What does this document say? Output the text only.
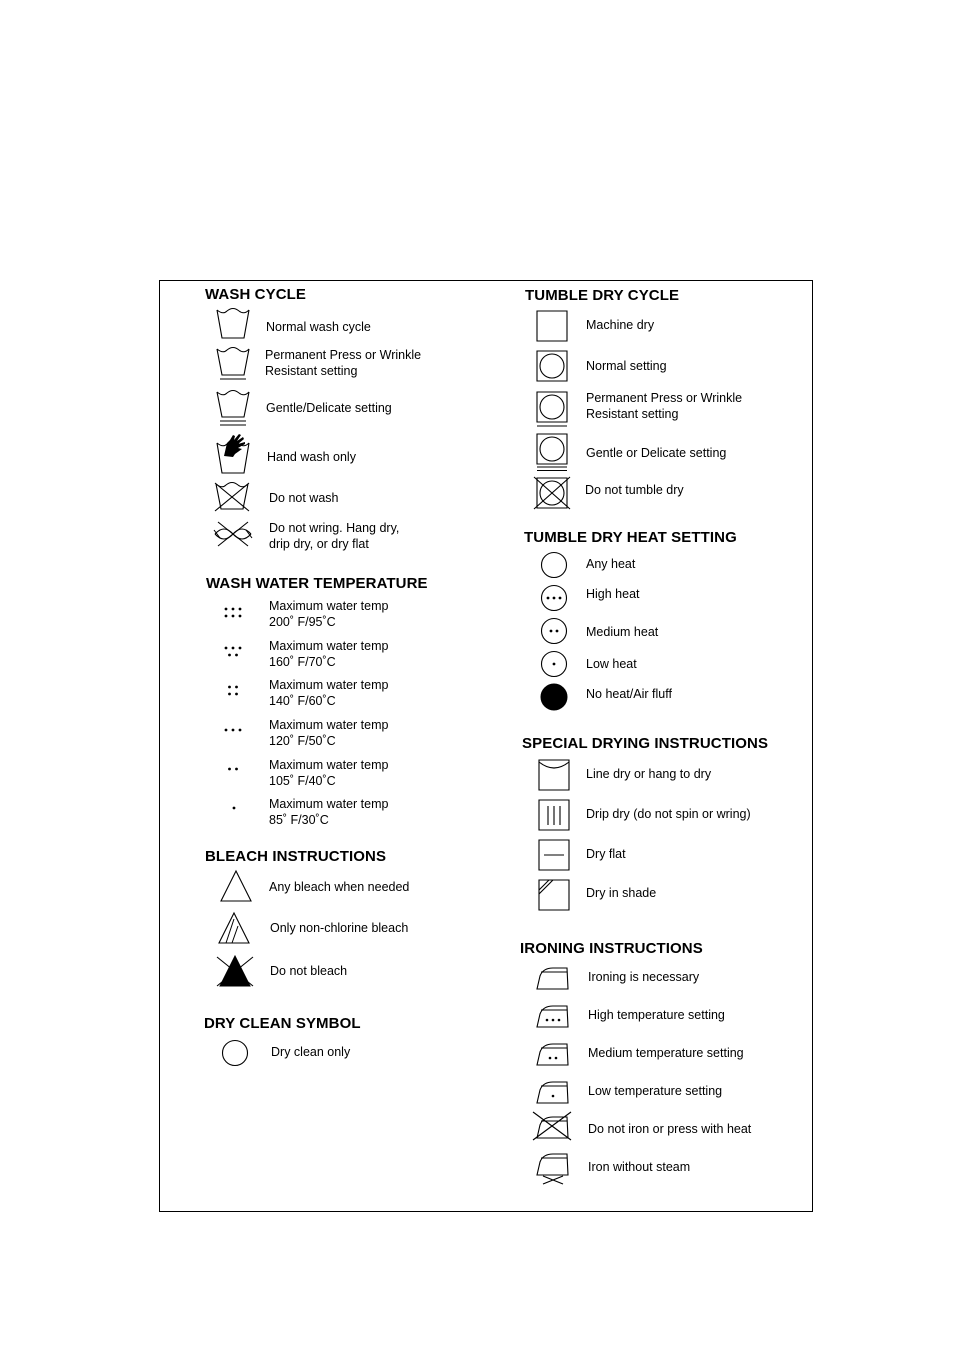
WASH CYCLE
Normal wash cycle
Permanent Press or Wrinkle
Resistant setting
Gentle/Delicate setting
Hand wash only
Do not wash
Do not wring. Hang dry,
drip dry, or dry flat
WASH WATER TEMPERATURE
Maximum water temp
200˚ F/95˚C
Maximum water temp
160˚ F/70˚C
Maximum water temp
140˚ F/60˚C
Maximum water temp
120˚ F/50˚C
Maximum water temp
105˚ F/40˚C
Maximum water temp
85˚ F/30˚C
BLEACH INSTRUCTIONS
Any bleach when needed
Only non-chlorine bleach
Do not bleach
DRY CLEAN SYMBOL
Dry clean only
TUMBLE DRY CYCLE
Machine dry
Normal setting
Permanent Press or Wrinkle
Resistant setting
Gentle or Delicate setting
Do not tumble dry
TUMBLE DRY HEAT SETTING
Any heat
High heat
Medium heat
Low heat
No heat/Air fluff
SPECIAL DRYING INSTRUCTIONS
Line dry or hang to dry
Drip dry (do not spin or wring)
Dry flat
Dry in shade
IRONING INSTRUCTIONS
Ironing is necessary
High temperature setting
Medium temperature setting
Low temperature setting
Do not iron or press with heat
Iron without steam
